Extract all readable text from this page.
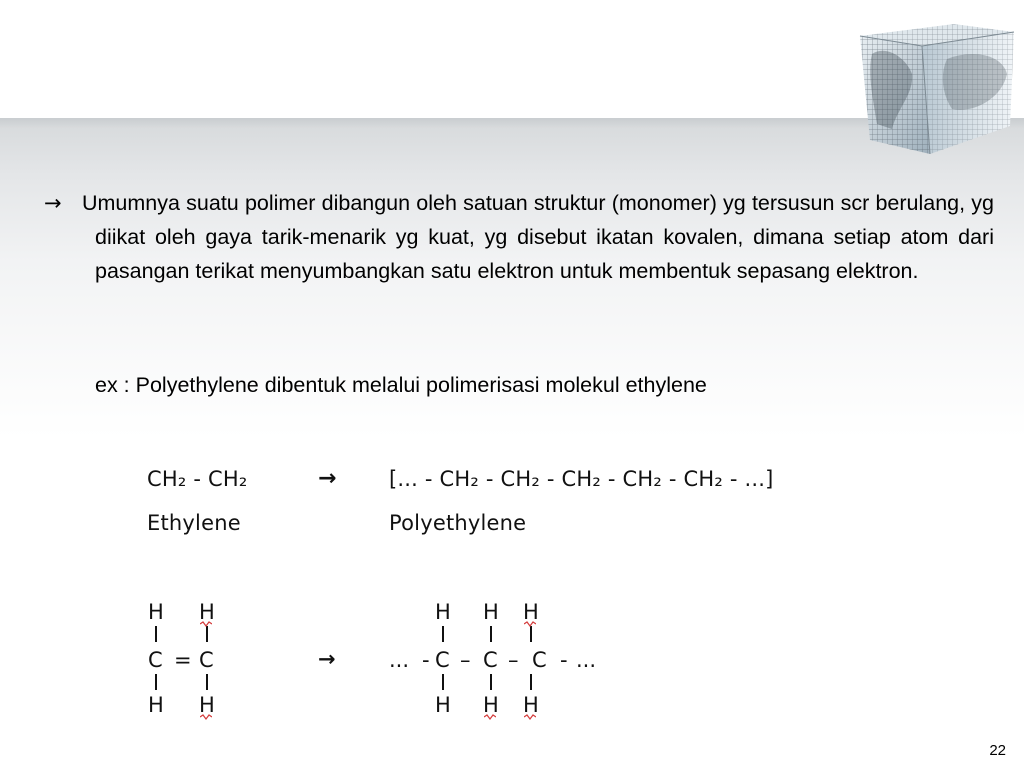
→ Umumnya suatu polimer dibangun oleh satuan struktur (monomer) yg tersusun scr berulang, yg diikat oleh gaya tarik-menarik yg kuat, yg disebut ikatan kovalen, dimana setiap atom dari pasangan terikat menyumbangkan satu elektron untuk membentuk sepasang elektron.

ex : Polyethylene dibentuk melalui polimerisasi molekul ethylene
CH₂ - CH₂	→ [... - CH₂ - CH₂ - CH₂ - CH₂ - CH₂ - ...]
Ethylene	Polyethylene
H H
C = C
H H
→
H H H
... - C – C – C - ...
H H H
22
